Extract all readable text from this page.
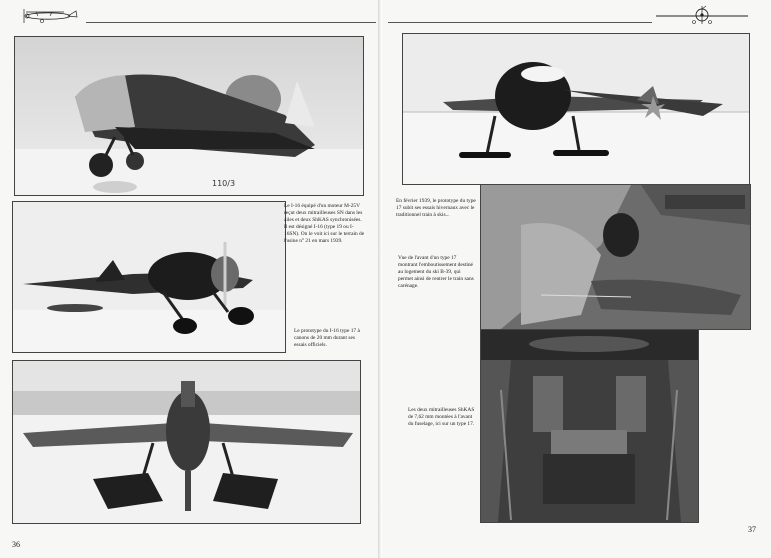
110/3
Le I-16 équipé d'un moteur M-25V reçut deux mitrailleuses SN dans les ailes et deux ShKAS synchronisées. Il est désigné I-16 (type 19 ou I-16SN). On le voit ici sur le terrain de l'usine n° 21 en mars 1939.
Le prototype du I-16 type 17 à canons de 20 mm durant ses essais officiels.
36
En février 1939, le prototype du type 17 subit ses essais hivernaux avec le traditionnel train à skis...
Vue de l'avant d'un type 17 montrant l'emboutissement destiné au logement du ski B-39, qui permet ainsi de rentrer le train sans carénage.
Les deux mitrailleuses ShKAS de 7,62 mm montées à l'avant du fuselage, ici sur un type 17.
37
